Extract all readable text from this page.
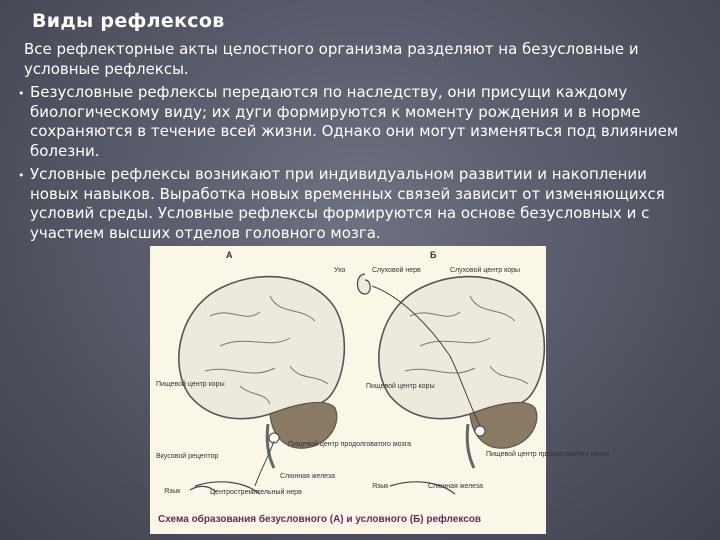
Виды рефлексов

Все рефлекторные акты целостного организма разделяют на безусловные и условные рефлексы.

• Безусловные рефлексы передаются по наследству, они присущи каждому биологическому виду; их дуги формируются к моменту рождения и в норме сохраняются в течение всей жизни. Однако они могут изменяться под влиянием болезни.
• Условные рефлексы возникают при индивидуальном развитии и накоплении новых навыков. Выработка новых временных связей зависит от изменяющихся условий среды. Условные рефлексы формируются на основе безусловных и с участием высших отделов головного мозга.
А	Б
Пищевой центр коры
Вкусовой рецептор
Пищевой центр продолговатого мозга
Слюнная железа
Язык	Центростремительный нерв
Ухо	Слуховой нерв	Слуховой центр коры
Пищевой центр коры
Пищевой центр продолговатого мозга
Язык	Слюнная железа
Схема образования безусловного (А) и условного (Б) рефлексов
